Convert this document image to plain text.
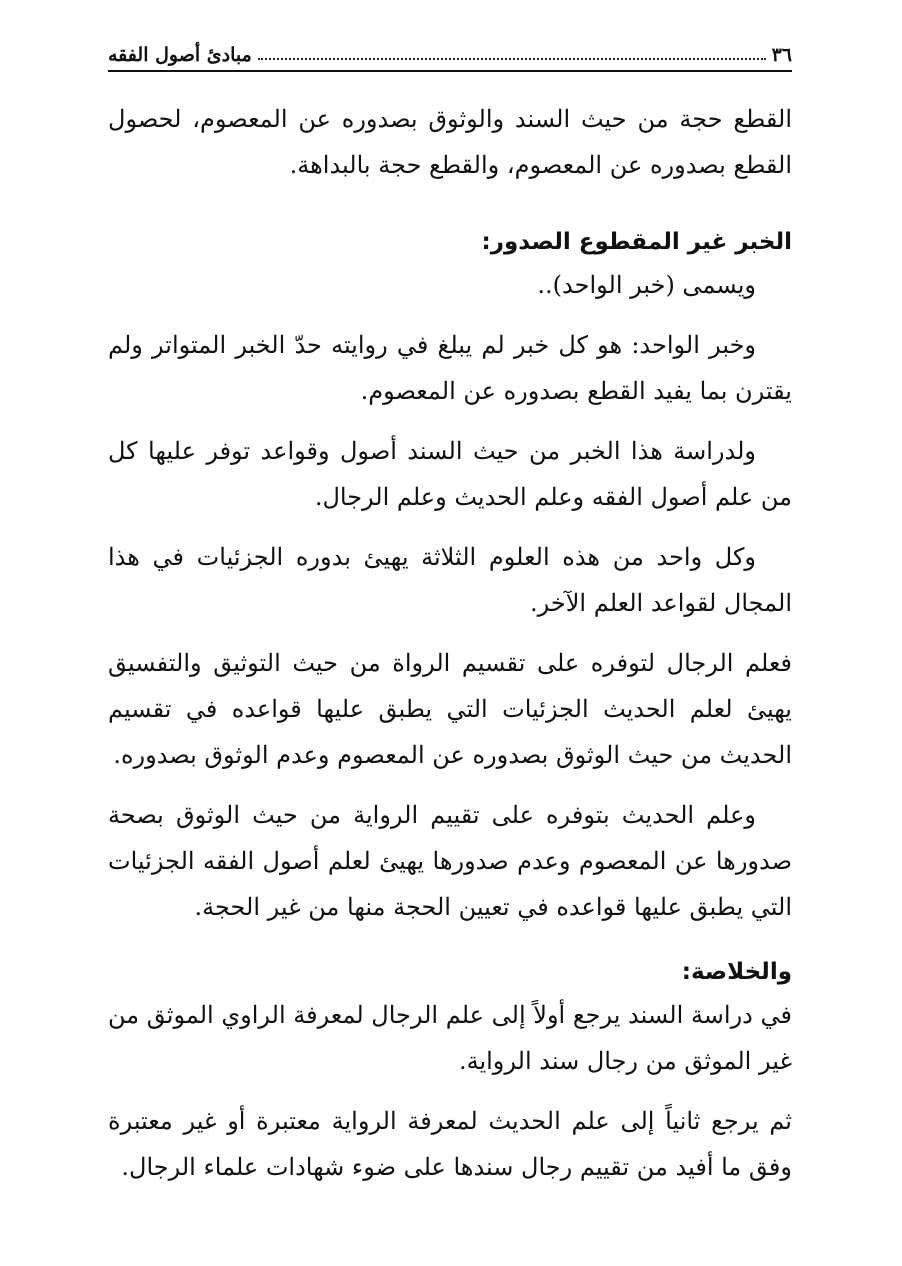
٣٦
مبادئ أصول الفقه

القطع حجة من حيث السند والوثوق بصدوره عن المعصوم، لحصول القطع بصدوره عن المعصوم، والقطع حجة بالبداهة.

الخبر غير المقطوع الصدور:

ويسمى (خبر الواحد)..

وخبر الواحد: هو كل خبر لم يبلغ في روايته حدّ الخبر المتواتر ولم يقترن بما يفيد القطع بصدوره عن المعصوم.

ولدراسة هذا الخبر من حيث السند أصول وقواعد توفر عليها كل من علم أصول الفقه وعلم الحديث وعلم الرجال.

وكل واحد من هذه العلوم الثلاثة يهيئ بدوره الجزئيات في هذا المجال لقواعد العلم الآخر.

فعلم الرجال لتوفره على تقسيم الرواة من حيث التوثيق والتفسيق يهيئ لعلم الحديث الجزئيات التي يطبق عليها قواعده في تقسيم الحديث من حيث الوثوق بصدوره عن المعصوم وعدم الوثوق بصدوره.

وعلم الحديث بتوفره على تقييم الرواية من حيث الوثوق بصحة صدورها عن المعصوم وعدم صدورها يهيئ لعلم أصول الفقه الجزئيات التي يطبق عليها قواعده في تعيين الحجة منها من غير الحجة.

والخلاصة:

في دراسة السند يرجع أولاً إلى علم الرجال لمعرفة الراوي الموثق من غير الموثق من رجال سند الرواية.

ثم يرجع ثانياً إلى علم الحديث لمعرفة الرواية معتبرة أو غير معتبرة وفق ما أفيد من تقييم رجال سندها على ضوء شهادات علماء الرجال.
